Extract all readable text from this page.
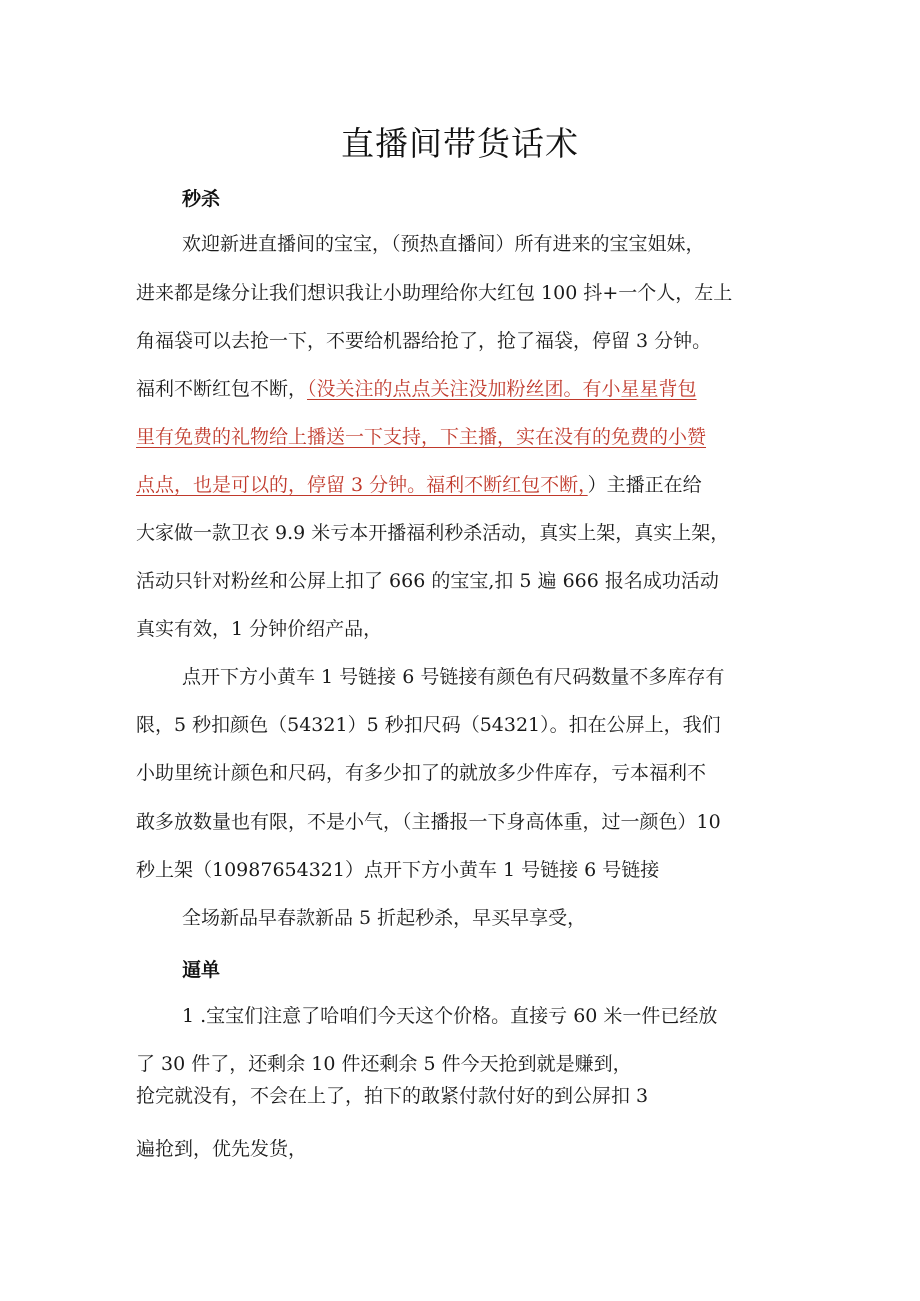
直播间带货话术
秒杀
欢迎新进直播间的宝宝，（预热直播间）所有进来的宝宝姐妹，
进来都是缘分让我们想识我让小助理给你大红包 100 抖+一个人，左上
角福袋可以去抢一下，不要给机器给抢了，抢了福袋，停留 3 分钟。
福利不断红包不断，（没关注的点点关注没加粉丝团。有小星星背包
里有免费的礼物给上播送一下支持，下主播，实在没有的免费的小赞
点点，也是可以的，停留 3 分钟。福利不断红包不断，）主播正在给
大家做一款卫衣 9.9 米亏本开播福利秒杀活动，真实上架，真实上架，
活动只针对粉丝和公屏上扣了 666 的宝宝,扣 5 遍 666 报名成功活动
真实有效，1 分钟价绍产品，
点开下方小黄车 1 号链接 6 号链接有颜色有尺码数量不多库存有
限，5 秒扣颜色（54321）5 秒扣尺码（54321）。扣在公屏上，我们
小助里统计颜色和尺码，有多少扣了的就放多少件库存，亏本福利不
敢多放数量也有限，不是小气，（主播报一下身高体重，过一颜色）10
秒上架（10987654321）点开下方小黄车 1 号链接 6 号链接
全场新品早春款新品 5 折起秒杀，早买早享受，
逼单
1 .宝宝们注意了哈咱们今天这个价格。直接亏 60 米一件已经放
了 30 件了，还剩余 10 件还剩余 5 件今天抢到就是赚到，
抢完就没有，不会在上了，拍下的敢紧付款付好的到公屏扣 3
遍抢到，优先发货，
